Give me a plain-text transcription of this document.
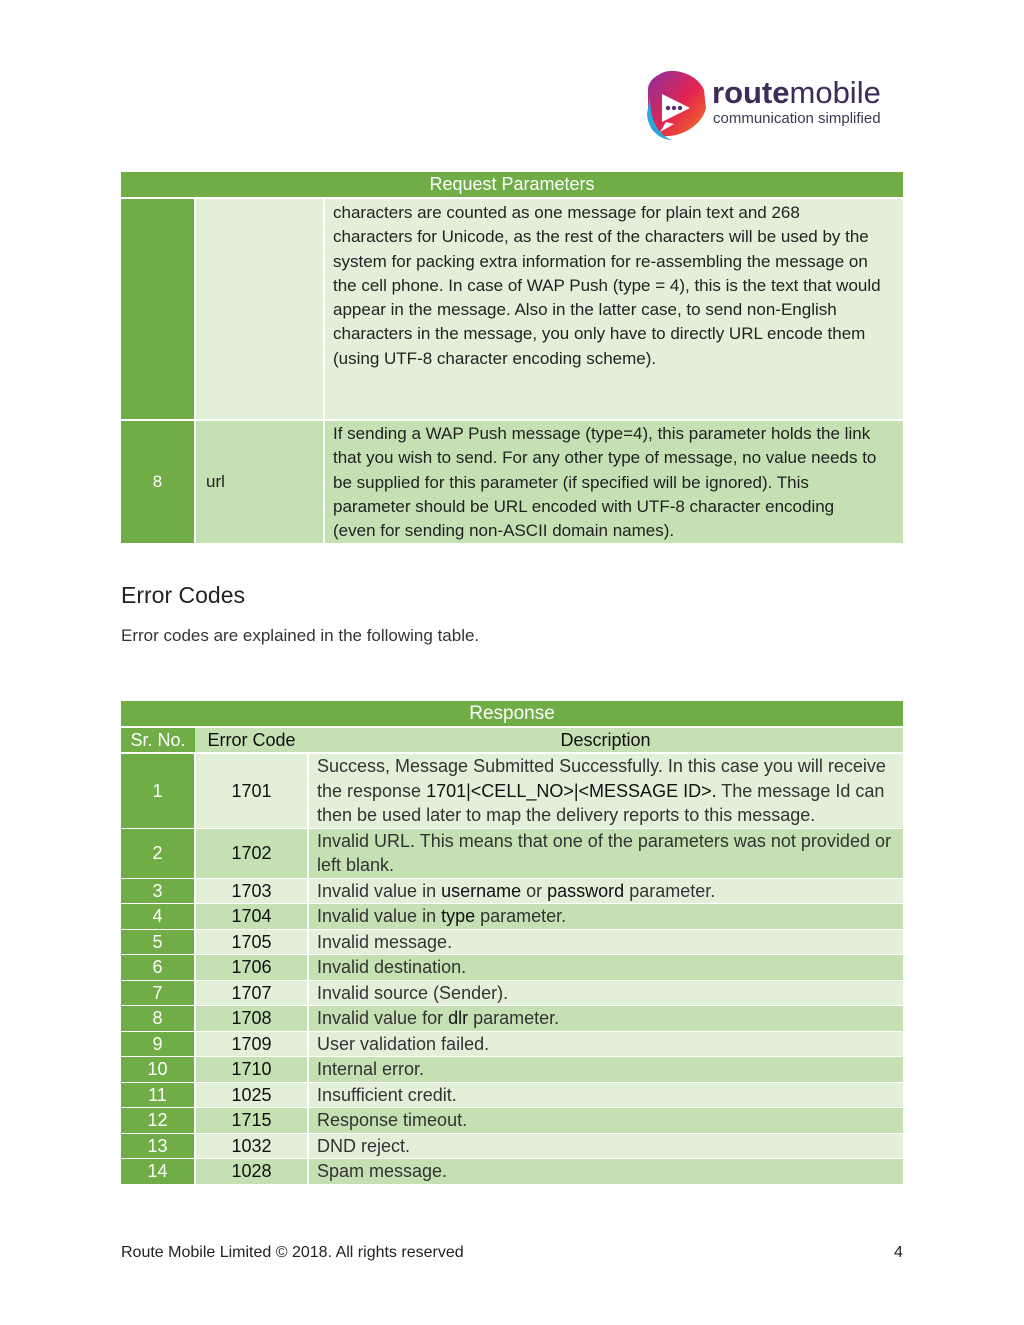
routemobile
communication simplified
Request Parameters		
		characters are counted as one message for plain text and 268 characters for Unicode, as the rest of the characters will be used by the system for packing extra information for re-assembling the message on the cell phone. In case of WAP Push (type = 4), this is the text that would appear in the message. Also in the latter case, to send non-English characters in the message, you only have to directly URL encode them (using UTF-8 character encoding scheme).
8	url	If sending a WAP Push message (type=4), this parameter holds the link that you wish to send. For any other type of message, no value needs to be supplied for this parameter (if specified will be ignored). This parameter should be URL encoded with UTF-8 character encoding (even for sending non-ASCII domain names).
Error Codes

Error codes are explained in the following table.

Response		
Sr. No.	Error Code	Description
1	1701	Success, Message Submitted Successfully. In this case you will receive the response 1701|<CELL_NO>|<MESSAGE ID>. The message Id can then be used later to map the delivery reports to this message.
2	1702	Invalid URL. This means that one of the parameters was not provided or left blank.
3	1703	Invalid value in username or password parameter.
4	1704	Invalid value in type parameter.
5	1705	Invalid message.
6	1706	Invalid destination.
7	1707	Invalid source (Sender).
8	1708	Invalid value for dlr parameter.
9	1709	User validation failed.
10	1710	Internal error.
11	1025	Insufficient credit.
12	1715	Response timeout.
13	1032	DND reject.
14	1028	Spam message.
Route Mobile Limited © 2018. All rights reserved	4
